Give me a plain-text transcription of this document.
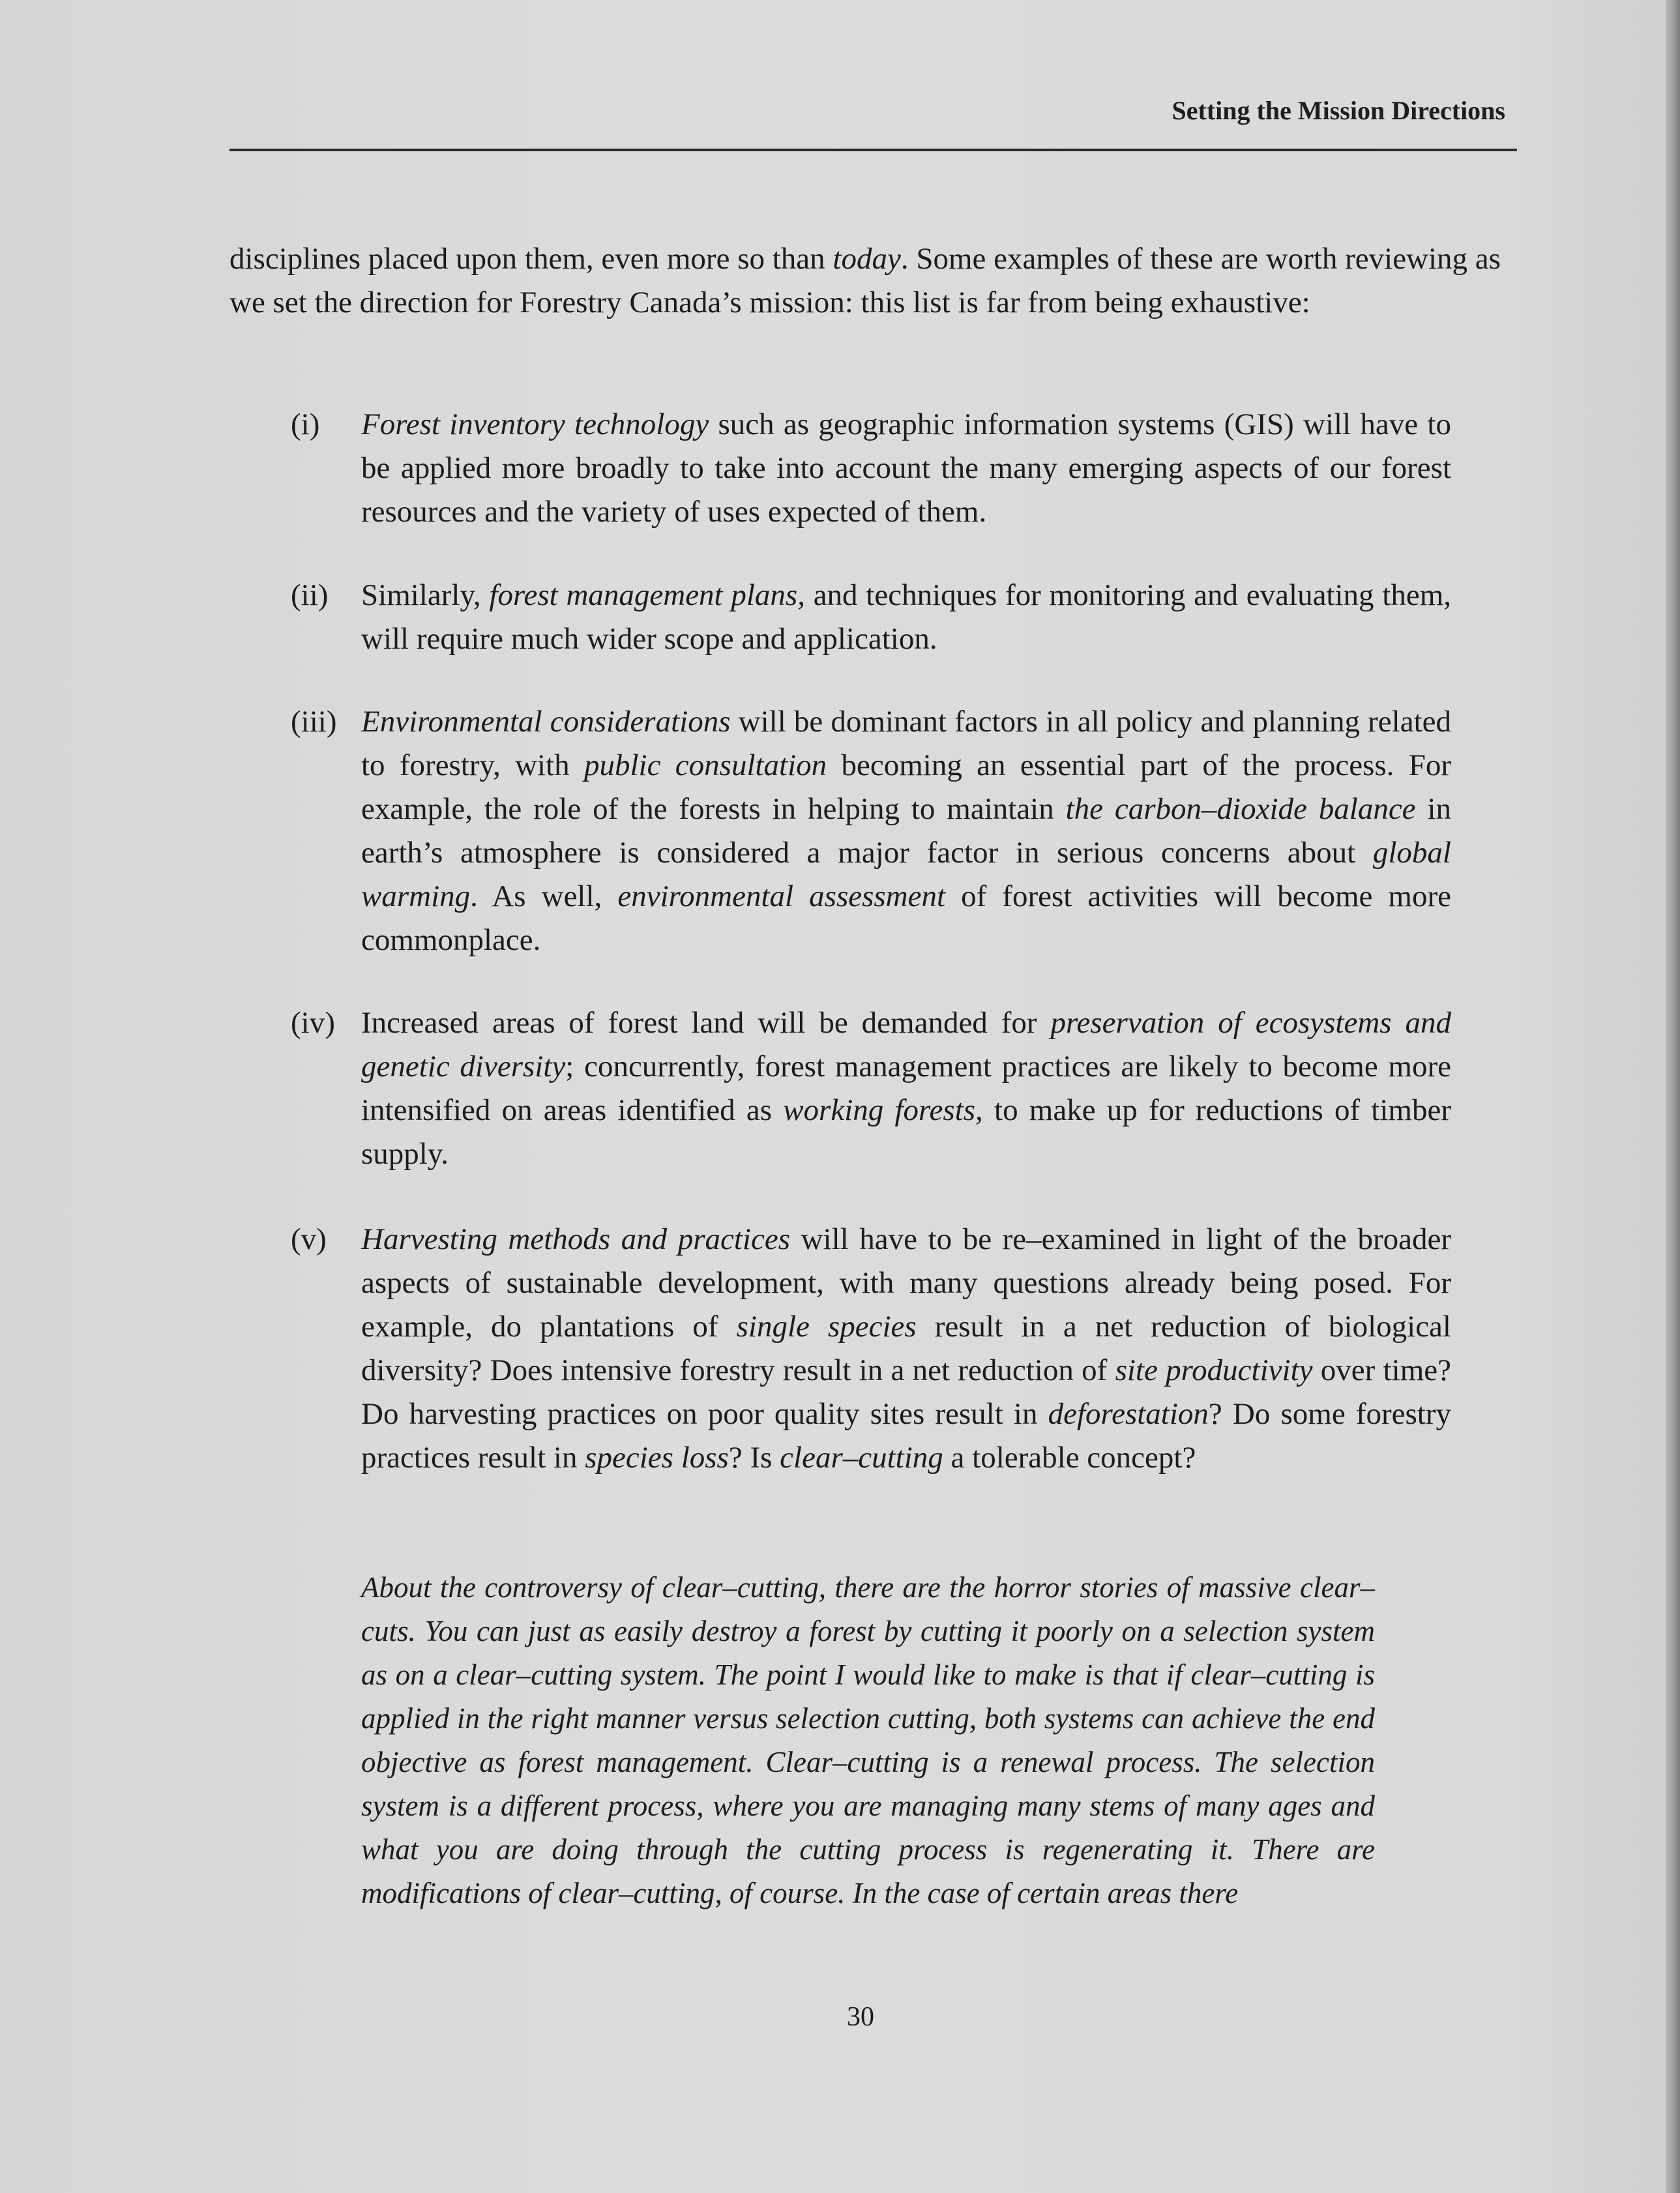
Setting the Mission Directions

disciplines placed upon them, even more so than today. Some examples of these are worth reviewing as we set the direction for Forestry Canada’s mission: this list is far from being exhaustive:

(i) Forest inventory technology such as geographic information systems (GIS) will have to be applied more broadly to take into account the many emerging aspects of our forest resources and the variety of uses expected of them.
(ii) Similarly, forest management plans, and techniques for monitoring and evaluating them, will require much wider scope and application.
(iii) Environmental considerations will be dominant factors in all policy and planning related to forestry, with public consultation becoming an essential part of the process. For example, the role of the forests in helping to maintain the carbon–dioxide balance in earth’s atmosphere is considered a major factor in serious concerns about global warming. As well, environmental assessment of forest activities will become more commonplace.
(iv) Increased areas of forest land will be demanded for preservation of ecosystems and genetic diversity; concurrently, forest management practices are likely to become more intensified on areas identified as working forests, to make up for reductions of timber supply.
(v) Harvesting methods and practices will have to be re–examined in light of the broader aspects of sustainable development, with many questions already being posed. For example, do plantations of single species result in a net reduction of biological diversity? Does intensive forestry result in a net reduction of site productivity over time? Do harvesting practices on poor quality sites result in deforestation? Do some forestry practices result in species loss? Is clear–cutting a tolerable concept?
About the controversy of clear–cutting, there are the horror stories of massive clear–cuts. You can just as easily destroy a forest by cutting it poorly on a selection system as on a clear–cutting system. The point I would like to make is that if clear–cutting is applied in the right manner versus selection cutting, both systems can achieve the end objective as forest management. Clear–cutting is a renewal process. The selection system is a different process, where you are managing many stems of many ages and what you are doing through the cutting process is regenerating it. There are modifications of clear–cutting, of course. In the case of certain areas there
30
